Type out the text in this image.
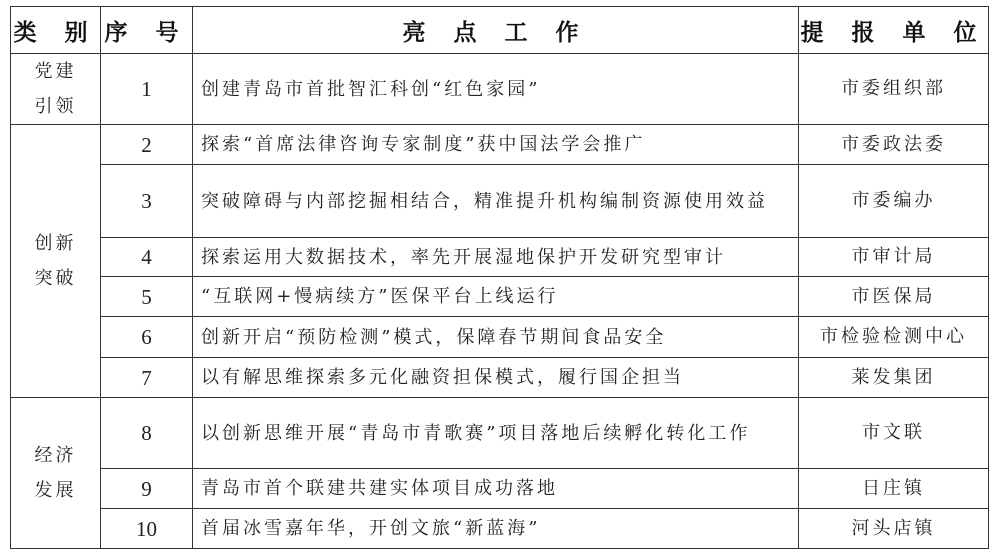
类 别	序 号	亮 点 工 作	提 报 单 位

党建
引领	1	创建青岛市首批智汇科创“红色家园”	市委组织部

创新
突破	2	探索“首席法律咨询专家制度”获中国法学会推广	市委政法委
	3	突破障碍与内部挖掘相结合，精准提升机构编制资源使用效益	市委编办
	4	探索运用大数据技术，率先开展湿地保护开发研究型审计	市审计局
	5	“互联网+慢病续方”医保平台上线运行	市医保局
	6	创新开启“预防检测”模式，保障春节期间食品安全	市检验检测中心
	7	以有解思维探索多元化融资担保模式，履行国企担当	莱发集团

经济
发展	8	以创新思维开展“青岛市青歌赛”项目落地后续孵化转化工作	市文联
	9	青岛市首个联建共建实体项目成功落地	日庄镇
	10	首届冰雪嘉年华，开创文旅“新蓝海”	河头店镇
